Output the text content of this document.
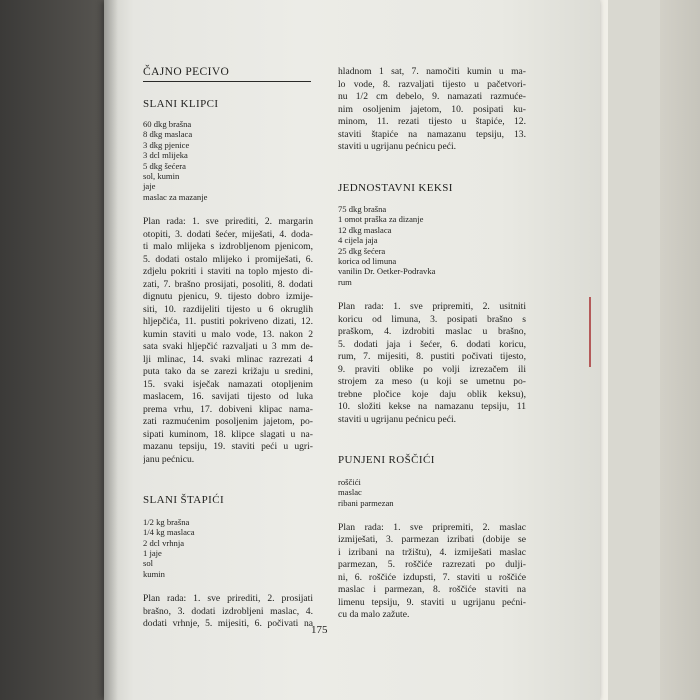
ČAJNO PECIVO
SLANI KLIPCI
60 dkg brašna
8 dkg maslaca
3 dkg pjenice
3 dcl mlijeka
5 dkg šećera
sol, kumin
jaje
maslac za mazanje
Plan rada: 1. sve prirediti, 2. margarin
otopiti, 3. dodati šećer, miješati, 4. doda-
ti malo mlijeka s izdrobljenom pjenicom,
5. dodati ostalo mlijeko i promiješati, 6.
zdjelu pokriti i staviti na toplo mjesto di-
zati, 7. brašno prosijati, posoliti, 8. dodati
dignutu pjenicu, 9. tijesto dobro izmije-
siti, 10. razdijeliti tijesto u 6 okruglih
hljepčića, 11. pustiti pokriveno dizati, 12.
kumin staviti u malo vode, 13. nakon 2
sata svaki hljepčić razvaljati u 3 mm de-
lji mlinac, 14. svaki mlinac razrezati 4
puta tako da se zarezi križaju u sredini,
15. svaki isječak namazati otopljenim
maslacem, 16. savijati tijesto od luka
prema vrhu, 17. dobiveni klipac nama-
zati razmućenim posoljenim jajetom, po-
sipati kuminom, 18. klipce slagati u na-
mazanu tepsiju, 19. staviti peći u ugri-
janu pećnicu.
SLANI ŠTAPIĆI
1/2 kg brašna
1/4 kg maslaca
2 dcl vrhnja
1 jaje
sol
kumin
Plan rada: 1. sve prirediti, 2. prosijati
brašno, 3. dodati izdrobljeni maslac, 4.
dodati vrhnje, 5. mijesiti, 6. počivati na
hladnom 1 sat, 7. namočiti kumin u ma-
lo vode, 8. razvaljati tijesto u pačetvori-
nu 1/2 cm debelo, 9. namazati razmuće-
nim osoljenim jajetom, 10. posipati ku-
minom, 11. rezati tijesto u štapiće, 12.
staviti štapiće na namazanu tepsiju, 13.
staviti u ugrijanu pećnicu peći.
JEDNOSTAVNI KEKSI
75 dkg brašna
1 omot praška za dizanje
12 dkg maslaca
4 cijela jaja
25 dkg šećera
korica od limuna
vanilin Dr. Oetker-Podravka
rum
Plan rada: 1. sve pripremiti, 2. usitniti
koricu od limuna, 3. posipati brašno s
praškom, 4. izdrobiti maslac u brašno,
5. dodati jaja i šećer, 6. dodati koricu,
rum, 7. mijesiti, 8. pustiti počivati tijesto,
9. praviti oblike po volji izrezačem ili
strojem za meso (u koji se umetnu po-
trebne pločice koje daju oblik keksu),
10. složiti kekse na namazanu tepsiju, 11
staviti u ugrijanu pećnicu peći.
PUNJENI ROŠČIĆI
roščići
maslac
ribani parmezan
Plan rada: 1. sve pripremiti, 2. maslac
izmiješati, 3. parmezan izribati (dobije se
i izribani na tržištu), 4. izmiješati maslac
parmezan, 5. roščiće razrezati po dulji-
ni, 6. roščiće izdupsti, 7. staviti u roščiće
maslac i parmezan, 8. roščiće staviti na
limenu tepsiju, 9. staviti u ugrijanu pećni-
cu da malo zažute.
175
